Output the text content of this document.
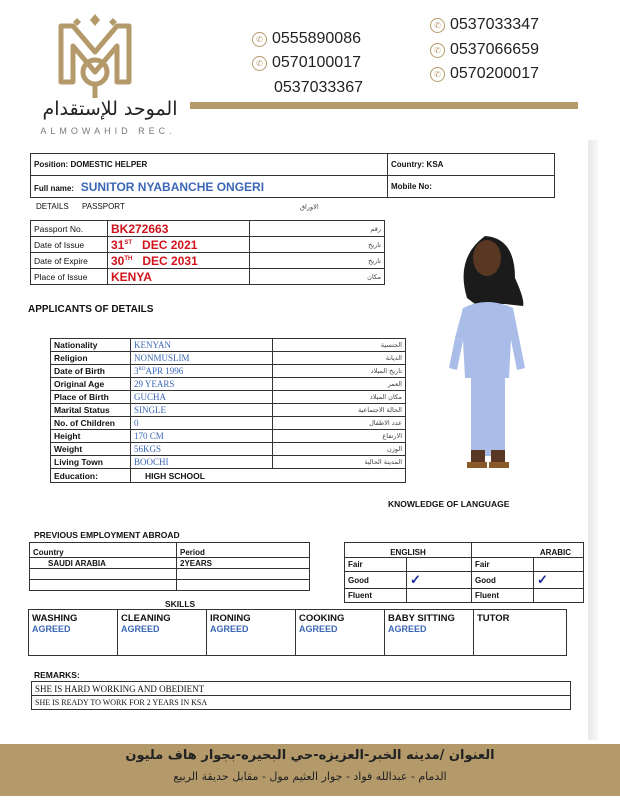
الموحد للإستقدام
ALMOWAHID REC.
✆ 0555890086
✆ 0570100017
0537033367
✆ 0537033347
✆ 0537066659
✆ 0570200017
Position: DOMESTIC HELPER	Country: KSA
Full name: SUNITOR NYABANCHE ONGERI	Mobile No:
DETAILS PASSPORT	الاوراق
Passport No.	BK272663	رقم
Date of Issue	31ST DEC 2021	تاريخ
Date of Expire	30TH DEC 2031	تاريخ
Place of Issue	KENYA	مكان
APPLICANTS OF DETAILS
Nationality	KENYAN	الجنسية
Religion	NONMUSLIM	الديانة
Date of Birth	3RDAPR 1996	تاريخ الميلاد
Original Age	29 YEARS	العمر
Place of Birth	GUCHA	مكان الميلاد
Marital Status	SINGLE	الحالة الاجتماعية
No. of Children	0	عدد الاطفال
Height	170 CM	الارتفاع
Weight	56KGS	الوزن
Living Town	BOOCHI	المدينة الحالية
Education:	HIGH SCHOOL	
KNOWLEDGE OF LANGUAGE
PREVIOUS EMPLOYMENT ABROAD
Country	Period
SAUDI ARABIA	2YEARS

ENGLISH		ARABIC	
Fair		Fair	
Good	✓	Good	✓
Fluent		Fluent	
SKILLS
WASHING
AGREED

CLEANING
AGREED

IRONING
AGREED

COOKING
AGREED

BABY SITTING
AGREED

TUTOR
REMARKS:
SHE IS HARD WORKING AND OBEDIENT
SHE IS READY TO WORK FOR 2 YEARS IN KSA
العنوان /مدينه الخبر-العزيزه-حي البحيره-بجوار هاف مليون
الدمام - عبدالله فواد - جوار العثيم مول - مقابل حديقة الربيع
